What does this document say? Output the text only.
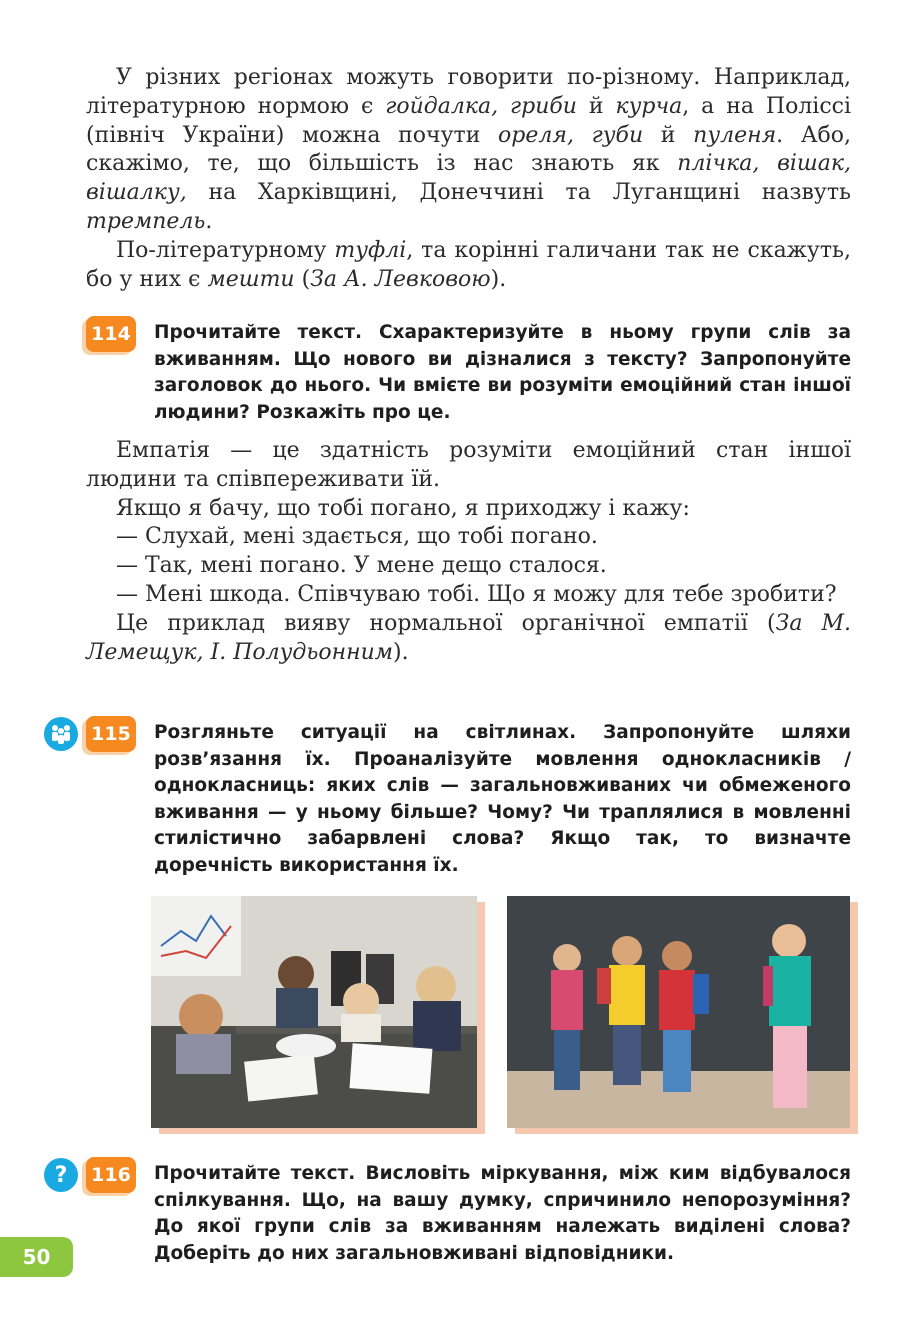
У різних регіонах можуть говорити по-різному. Наприклад, літературною нормою є гойдалка, гриби й курча, а на Поліссі (північ України) можна почути ореля, губи й пуленя. Або, скажімо, те, що більшість із нас знають як плічка, вішак, вішалку, на Харківщині, Донеччині та Луганщині назвуть тремпель.

По-літературному туфлі, та корінні галичани так не скажуть, бо у них є мешти (За А. Левковою).

114 Прочитайте текст. Схарактеризуйте в ньому групи слів за вживанням. Що нового ви дізналися з тексту? Запропонуйте заголовок до нього. Чи вмієте ви розуміти емоційний стан іншої людини? Розкажіть про це.

Емпатія — це здатність розуміти емоційний стан іншої людини та співпереживати їй.

Якщо я бачу, що тобі погано, я приходжу і кажу:

— Слухай, мені здається, що тобі погано.

— Так, мені погано. У мене дещо сталося.

— Мені шкода. Співчуваю тобі. Що я можу для тебе зробити?

Це приклад вияву нормальної органічної емпатії (За М. Лемещук, І. Полудьонним).

115 Розгляньте ситуації на світлинах. Запропонуйте шляхи розв’язання їх. Проаналізуйте мовлення однокласників / однокласниць: яких слів — загальновживаних чи обмеженого вживання — у ньому більше? Чому? Чи траплялися в мовленні стилістично забарвлені слова? Якщо так, то визначте доречність використання їх.

?	116 Прочитайте текст. Висловіть міркування, між ким відбувалося спілкування. Що, на вашу думку, спричинило непорозуміння? До якої групи слів за вживанням належать виділені слова? Доберіть до них загальновживані відповідники.

50
